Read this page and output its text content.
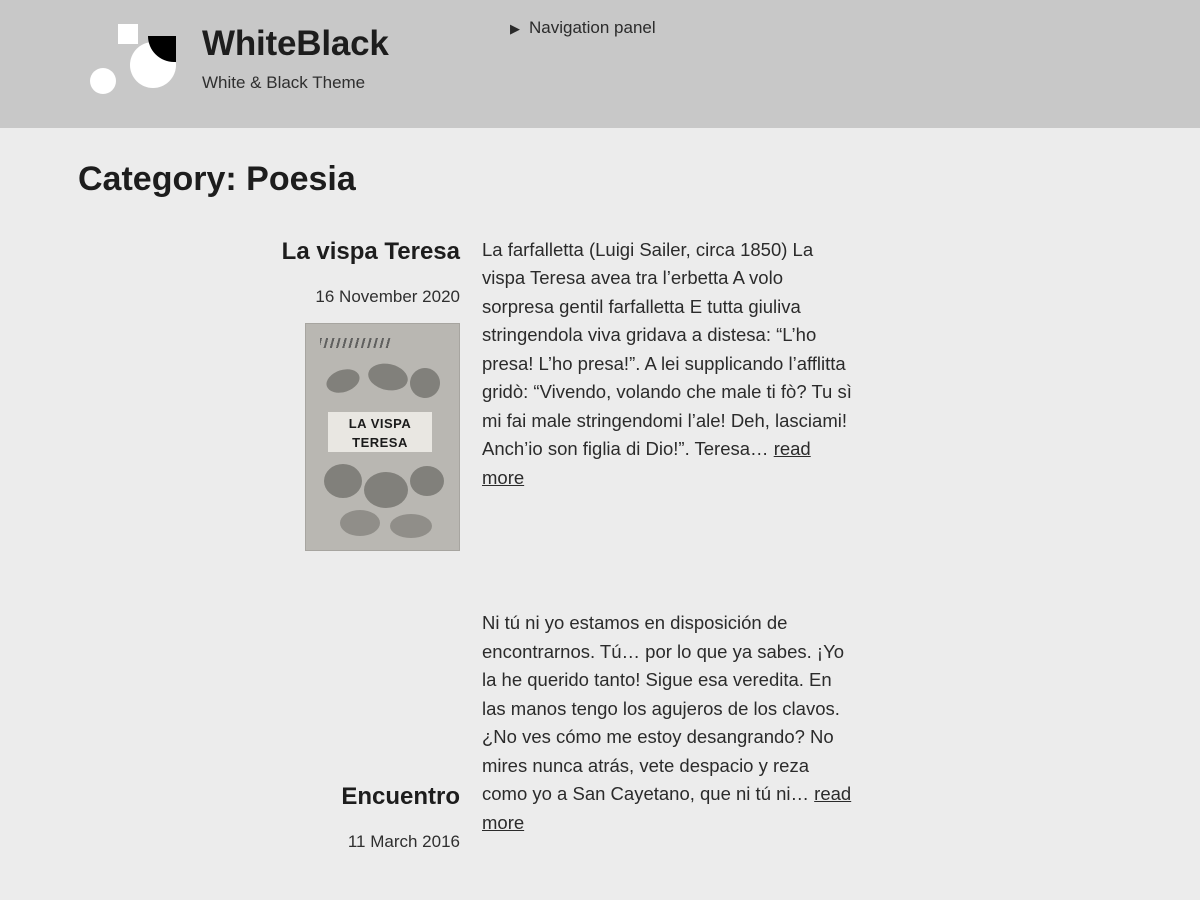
WhiteBlack
White & Black Theme
▶ Navigation panel
Category: Poesia
La vispa Teresa
16 November 2020
LA VISPA
TERESA

La farfalletta (Luigi Sailer, circa 1850) La vispa Teresa avea tra l’erbetta A volo sorpresa gentil farfalletta E tutta giuliva stringendola viva gridava a distesa: “L’ho presa! L’ho presa!”. A lei supplicando l’afflitta gridò: “Vivendo, volando che male ti fò? Tu sì mi fai male stringendomi l’ale! Deh, lasciami! Anch’io son figlia di Dio!”. Teresa… read more

Encuentro
11 March 2016

Ni tú ni yo estamos en disposición de encontrarnos. Tú… por lo que ya sabes. ¡Yo la he querido tanto! Sigue esa veredita. En las manos tengo los agujeros de los clavos. ¿No ves cómo me estoy desangrando? No mires nunca atrás, vete despacio y reza como yo a San Cayetano, que ni tú ni… read more
